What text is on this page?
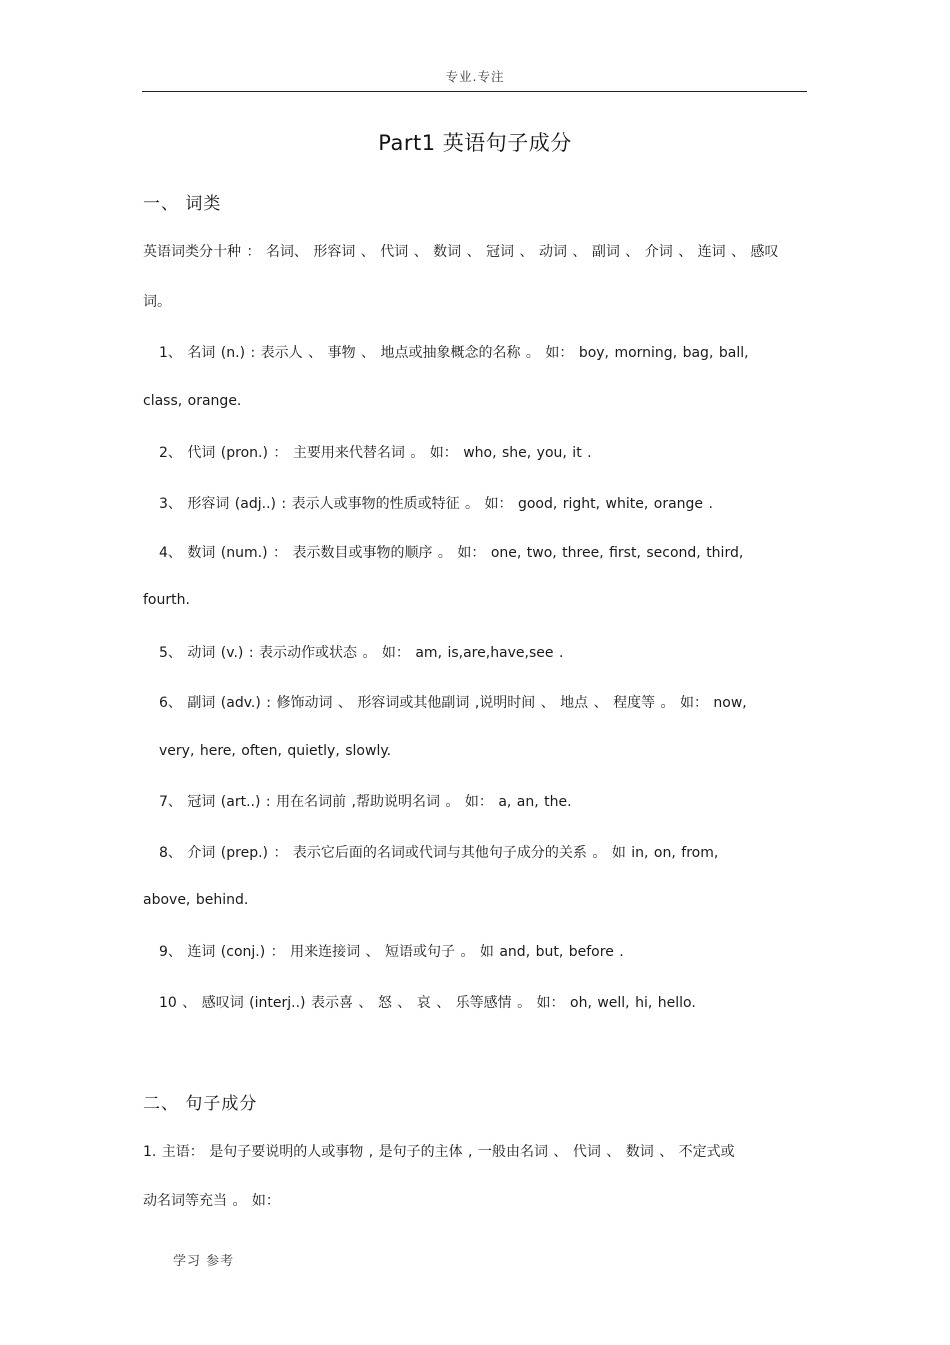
专业.专注
Part1 英语句子成分
一、 词类
英语词类分十种 ： 名词、 形容词 、 代词 、 数词 、 冠词 、 动词 、 副词 、 介词 、 连词 、 感叹
词。
1、 名词 (n.) : 表示人 、 事物 、 地点或抽象概念的名称 。 如： boy, morning, bag, ball,
class, orange.
2、 代词 (pron.) ： 主要用来代替名词 。 如： who, she, you, it .
3、 形容词 (adj..) : 表示人或事物的性质或特征 。 如： good, right, white, orange .
4、 数词 (num.) ： 表示数目或事物的顺序 。 如： one, two, three, first, second, third,
fourth.
5、 动词 (v.) : 表示动作或状态 。 如： am, is,are,have,see .
6、 副词 (adv.) : 修饰动词 、 形容词或其他副词 ,说明时间 、 地点 、 程度等 。 如： now,
very, here, often, quietly, slowly.
7、 冠词 (art..) : 用在名词前 ,帮助说明名词 。 如： a, an, the.
8、 介词 (prep.) ： 表示它后面的名词或代词与其他句子成分的关系 。 如 in, on, from,
above, behind.
9、 连词 (conj.) ： 用来连接词 、 短语或句子 。 如 and, but, before .
10 、 感叹词 (interj..) 表示喜 、 怒 、 哀 、 乐等感情 。 如： oh, well, hi, hello.
二、 句子成分
1. 主语： 是句子要说明的人或事物 , 是句子的主体 , 一般由名词 、 代词 、 数词 、 不定式或
动名词等充当 。 如：
学习 参考
